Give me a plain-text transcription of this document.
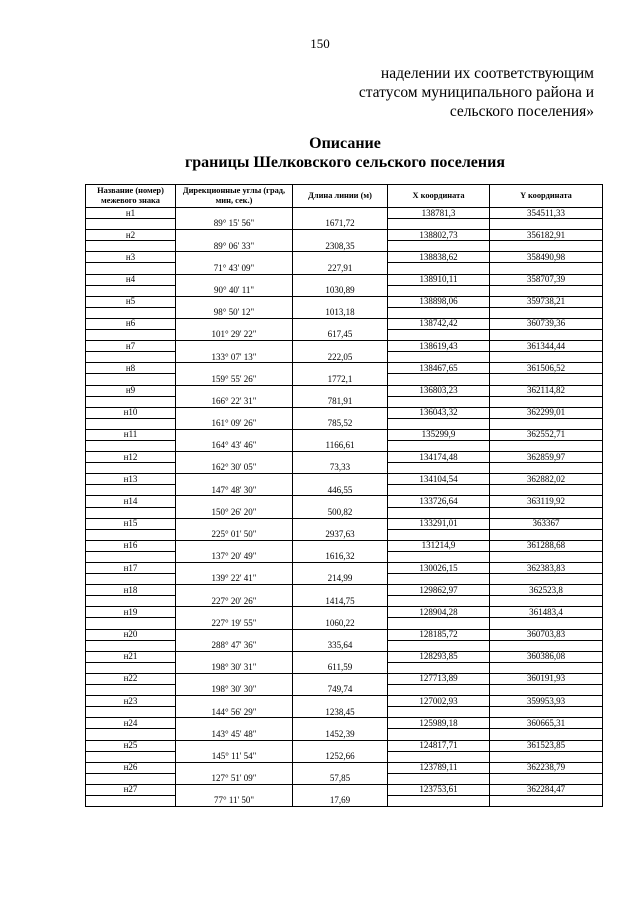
150
наделении их соответствующим
статусом муниципального района и
сельского поселения»
Описание
границы Шелковского сельского поселения
Название (номер) межевого знака	Дирекционные углы (град, мин, сек.)	Длина линии (м)	X координата	Y координата
н1			138781,3	354511,33
	89° 15' 56"	1671,72		
н2			138802,73	356182,91
	89° 06' 33"	2308,35		
н3			138838,62	358490,98
	71° 43' 09"	227,91		
н4			138910,11	358707,39
	90° 40' 11"	1030,89		
н5			138898,06	359738,21
	98° 50' 12"	1013,18		
н6			138742,42	360739,36
	101° 29' 22"	617,45		
н7			138619,43	361344,44
	133° 07' 13"	222,05		
н8			138467,65	361506,52
	159° 55' 26"	1772,1		
н9			136803,23	362114,82
	166° 22' 31"	781,91		
н10			136043,32	362299,01
	161° 09' 26"	785,52		
н11			135299,9	362552,71
	164° 43' 46"	1166,61		
н12			134174,48	362859,97
	162° 30' 05"	73,33		
н13			134104,54	362882,02
	147° 48' 30"	446,55		
н14			133726,64	363119,92
	150° 26' 20"	500,82		
н15			133291,01	363367
	225° 01' 50"	2937,63		
н16			131214,9	361288,68
	137° 20' 49"	1616,32		
н17			130026,15	362383,83
	139° 22' 41"	214,99		
н18			129862,97	362523,8
	227° 20' 26"	1414,75		
н19			128904,28	361483,4
	227° 19' 55"	1060,22		
н20			128185,72	360703,83
	288° 47' 36"	335,64		
н21			128293,85	360386,08
	198° 30' 31"	611,59		
н22			127713,89	360191,93
	198° 30' 30"	749,74		
н23			127002,93	359953,93
	144° 56' 29"	1238,45		
н24			125989,18	360665,31
	143° 45' 48"	1452,39		
н25			124817,71	361523,85
	145° 11' 54"	1252,66		
н26			123789,11	362238,79
	127° 51' 09"	57,85		
н27			123753,61	362284,47
	77° 11' 50"	17,69		
